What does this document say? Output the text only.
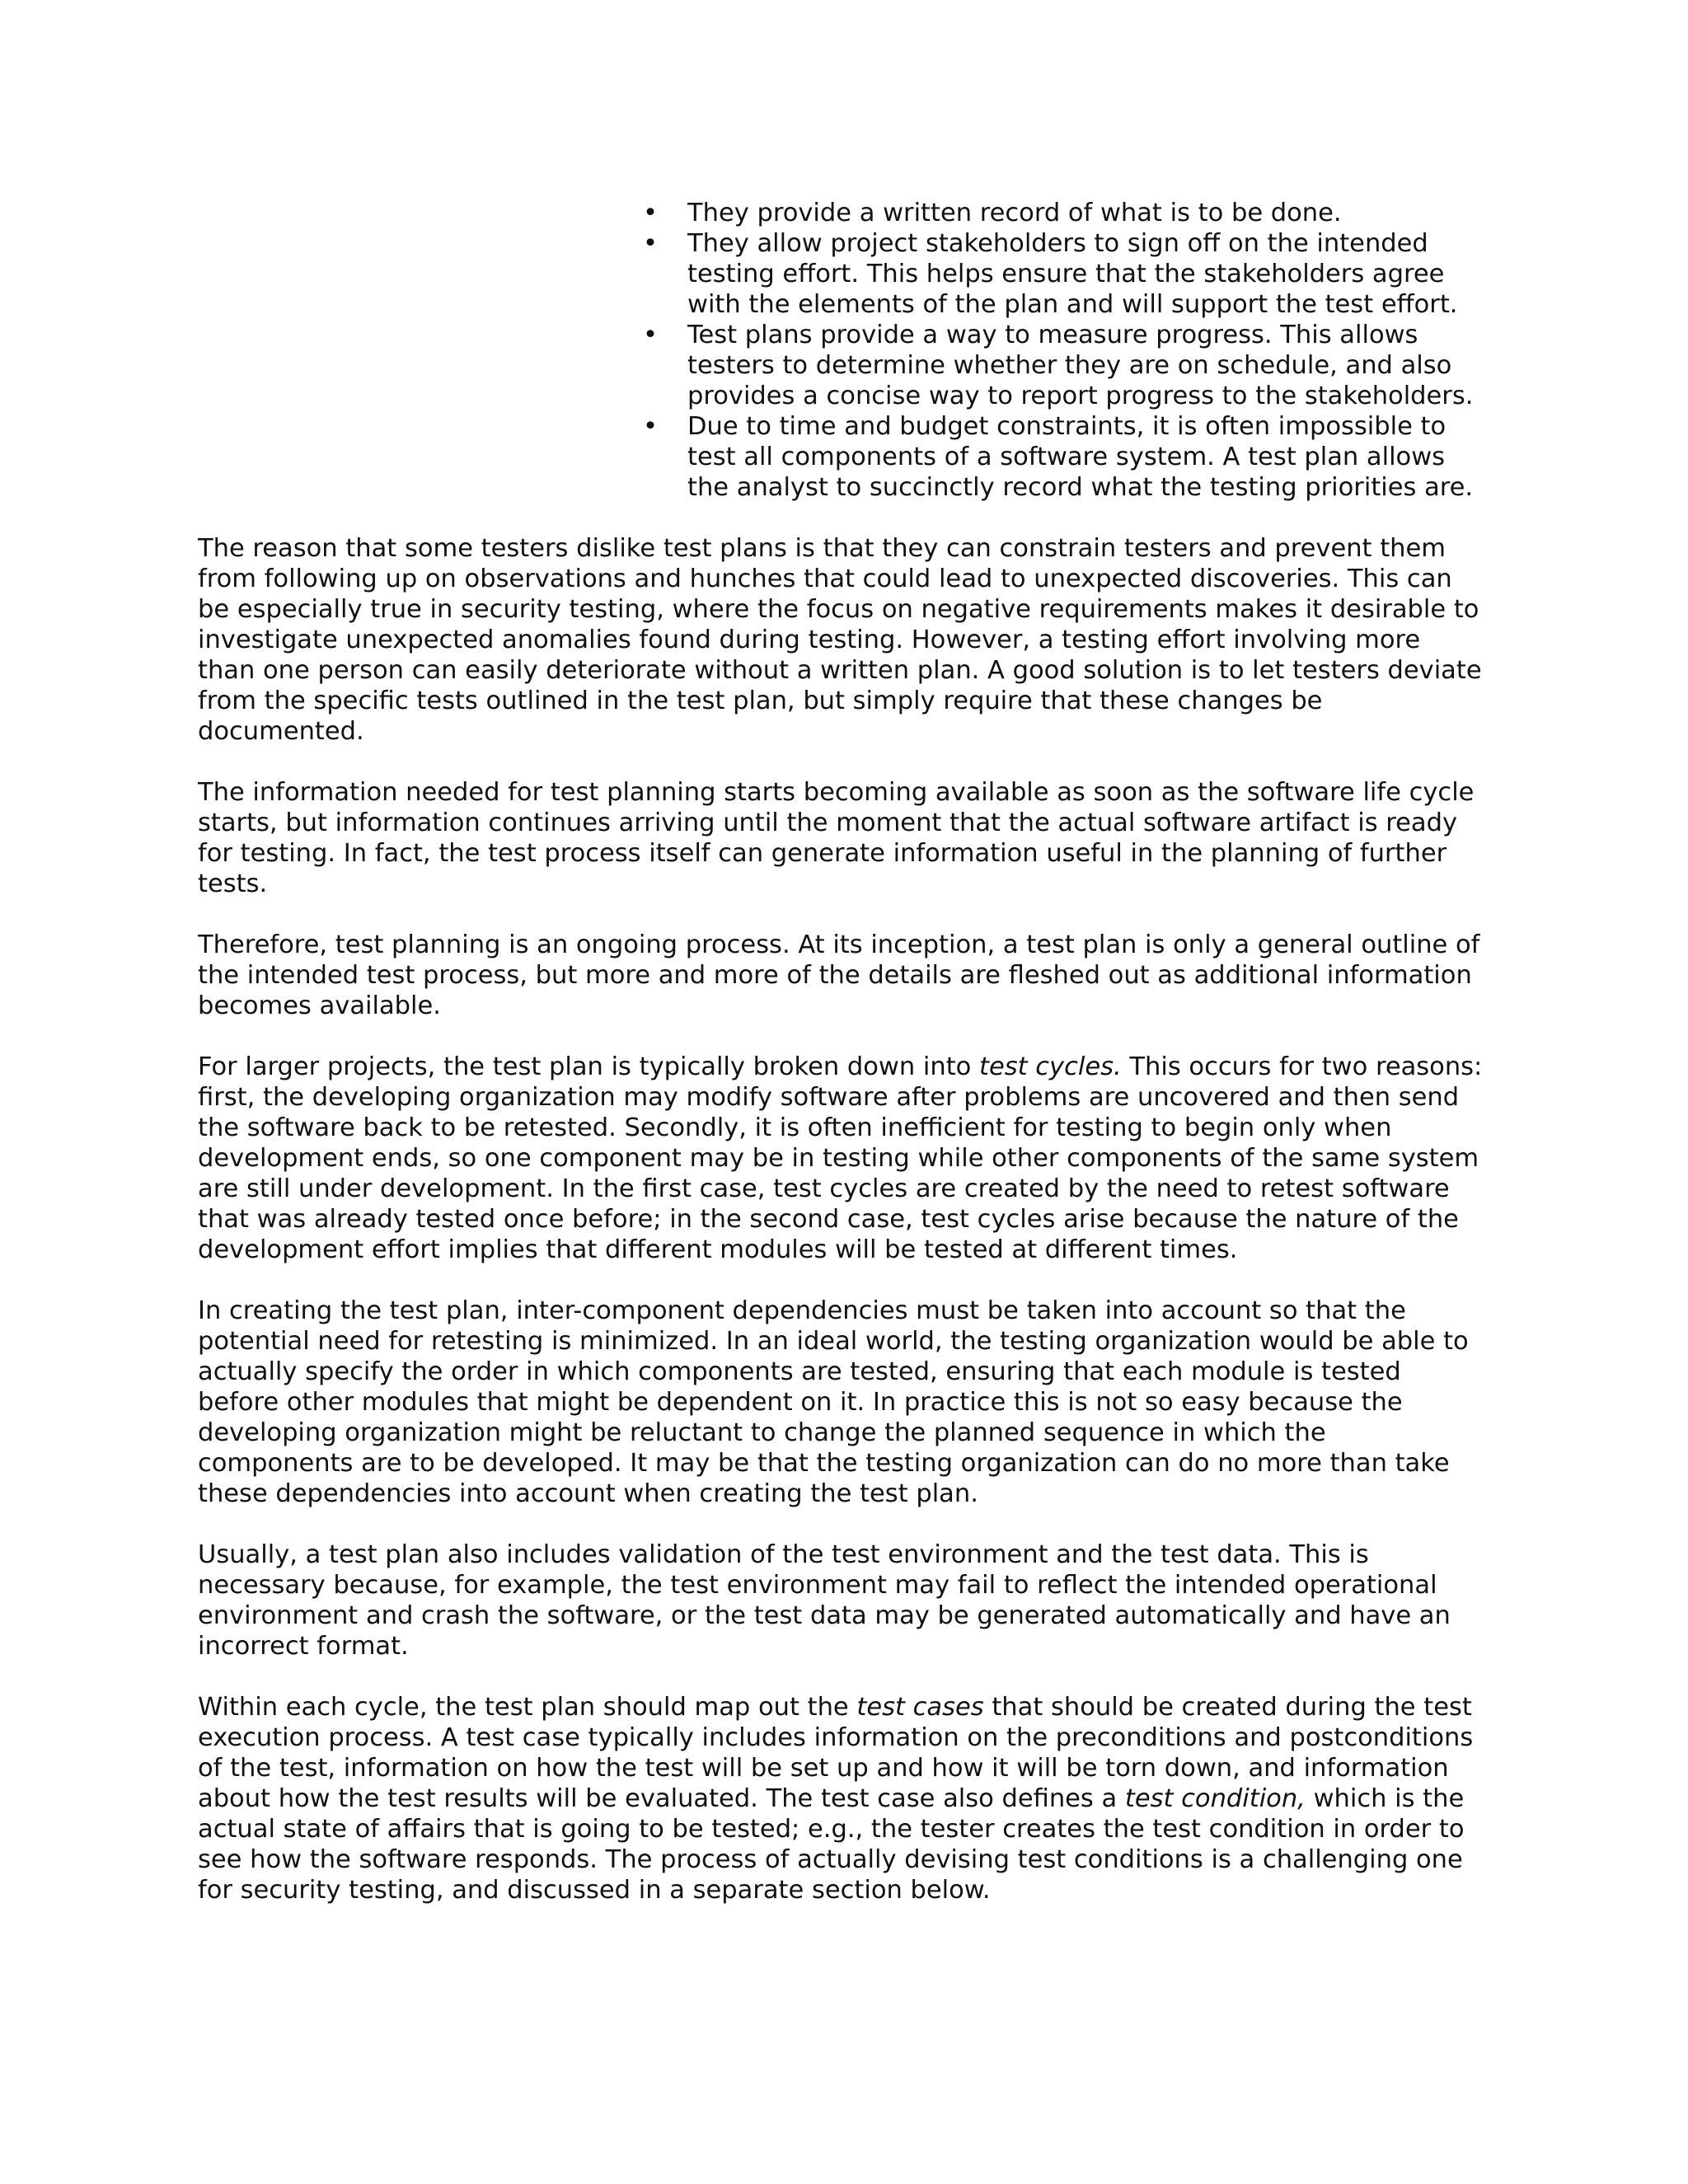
• They provide a written record of what is to be done.
• They allow project stakeholders to sign off on the intended testing effort. This helps ensure that the stakeholders agree with the elements of the plan and will support the test effort.
• Test plans provide a way to measure progress. This allows testers to determine whether they are on schedule, and also provides a concise way to report progress to the stakeholders.
• Due to time and budget constraints, it is often impossible to test all components of a software system. A test plan allows the analyst to succinctly record what the testing priorities are.

The reason that some testers dislike test plans is that they can constrain testers and prevent them from following up on observations and hunches that could lead to unexpected discoveries. This can be especially true in security testing, where the focus on negative requirements makes it desirable to investigate unexpected anomalies found during testing. However, a testing effort involving more than one person can easily deteriorate without a written plan. A good solution is to let testers deviate from the specific tests outlined in the test plan, but simply require that these changes be documented.

The information needed for test planning starts becoming available as soon as the software life cycle starts, but information continues arriving until the moment that the actual software artifact is ready for testing. In fact, the test process itself can generate information useful in the planning of further tests.

Therefore, test planning is an ongoing process. At its inception, a test plan is only a general outline of the intended test process, but more and more of the details are fleshed out as additional information becomes available.

For larger projects, the test plan is typically broken down into test cycles. This occurs for two reasons: first, the developing organization may modify software after problems are uncovered and then send the software back to be retested. Secondly, it is often inefficient for testing to begin only when development ends, so one component may be in testing while other components of the same system are still under development. In the first case, test cycles are created by the need to retest software that was already tested once before; in the second case, test cycles arise because the nature of the development effort implies that different modules will be tested at different times.

In creating the test plan, inter-component dependencies must be taken into account so that the potential need for retesting is minimized. In an ideal world, the testing organization would be able to actually specify the order in which components are tested, ensuring that each module is tested before other modules that might be dependent on it. In practice this is not so easy because the developing organization might be reluctant to change the planned sequence in which the components are to be developed. It may be that the testing organization can do no more than take these dependencies into account when creating the test plan.

Usually, a test plan also includes validation of the test environment and the test data. This is necessary because, for example, the test environment may fail to reflect the intended operational environment and crash the software, or the test data may be generated automatically and have an incorrect format.

Within each cycle, the test plan should map out the test cases that should be created during the test execution process. A test case typically includes information on the preconditions and postconditions of the test, information on how the test will be set up and how it will be torn down, and information about how the test results will be evaluated. The test case also defines a test condition, which is the actual state of affairs that is going to be tested; e.g., the tester creates the test condition in order to see how the software responds. The process of actually devising test conditions is a challenging one for security testing, and discussed in a separate section below.
